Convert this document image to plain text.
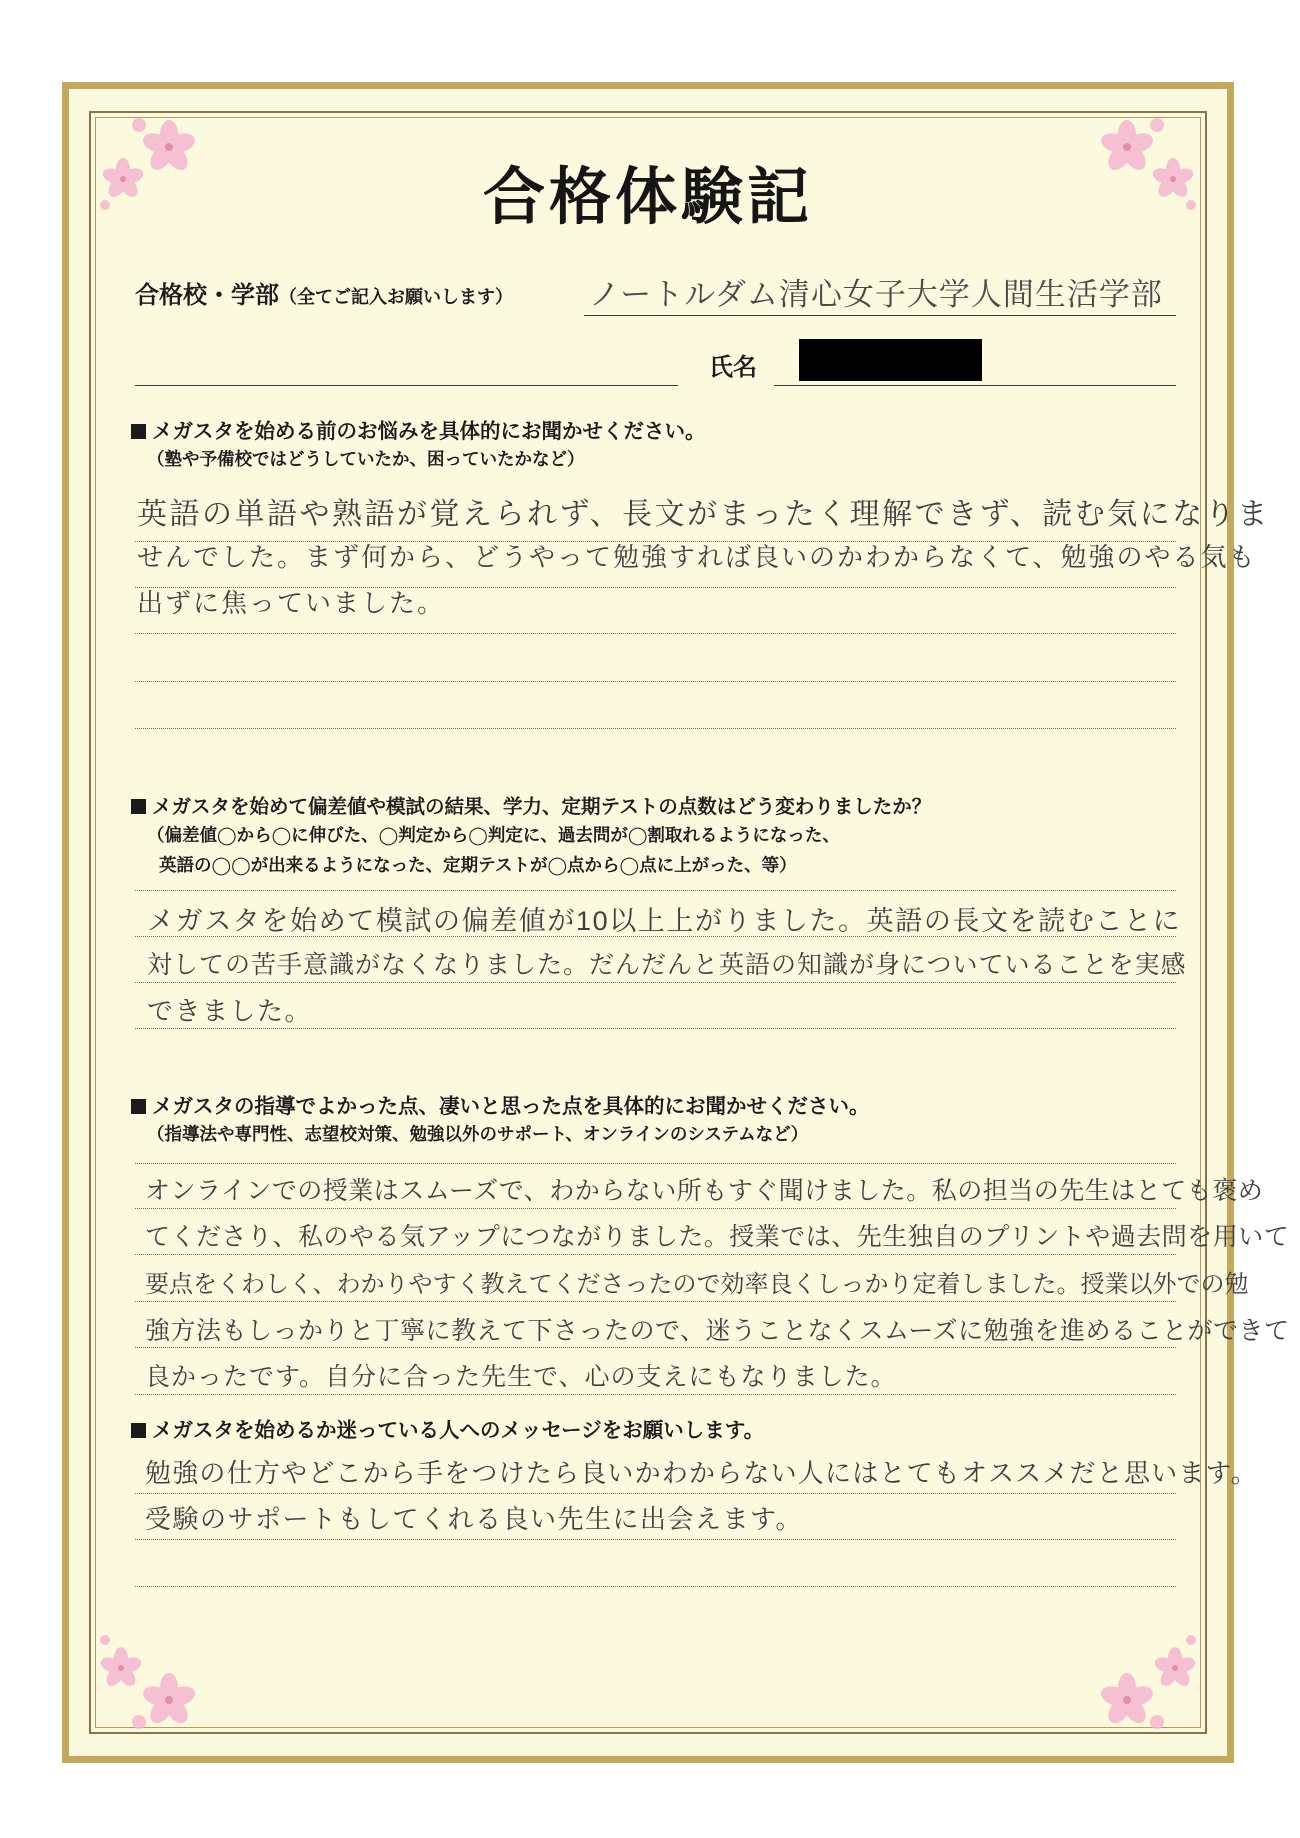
合格体験記
合格校・学部（全てご記入お願いします） ノートルダム清心女子大学人間生活学部
氏名
メガスタを始める前のお悩みを具体的にお聞かせください。
（塾や予備校ではどうしていたか、困っていたかなど）
英語の単語や熟語が覚えられず、長文がまったく理解できず、読む気になりま
せんでした。まず何から、どうやって勉強すれば良いのかわからなくて、勉強のやる気も
出ずに焦っていました。
メガスタを始めて偏差値や模試の結果、学力、定期テストの点数はどう変わりましたか？
（偏差値◯から◯に伸びた、◯判定から◯判定に、過去問が◯割取れるようになった、
英語の◯◯が出来るようになった、定期テストが◯点から◯点に上がった、等）
メガスタを始めて模試の偏差値が10以上上がりました。英語の長文を読むことに
対しての苦手意識がなくなりました。だんだんと英語の知識が身についていることを実感
できました。
メガスタの指導でよかった点、凄いと思った点を具体的にお聞かせください。
（指導法や専門性、志望校対策、勉強以外のサポート、オンラインのシステムなど）
オンラインでの授業はスムーズで、わからない所もすぐ聞けました。私の担当の先生はとても褒め
てくださり、私のやる気アップにつながりました。授業では、先生独自のプリントや過去問を用いて
要点をくわしく、わかりやすく教えてくださったので効率良くしっかり定着しました。授業以外での勉
強方法もしっかりと丁寧に教えて下さったので、迷うことなくスムーズに勉強を進めることができて
良かったです。自分に合った先生で、心の支えにもなりました。
メガスタを始めるか迷っている人へのメッセージをお願いします。
勉強の仕方やどこから手をつけたら良いかわからない人にはとてもオススメだと思います。
受験のサポートもしてくれる良い先生に出会えます。
